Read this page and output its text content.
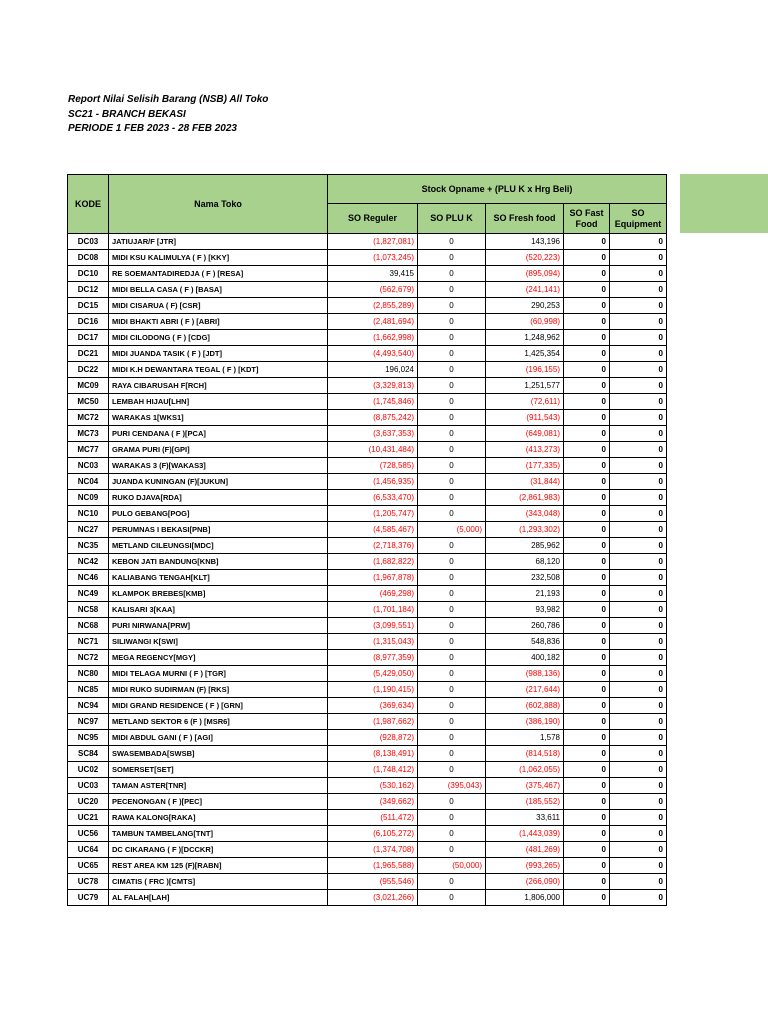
Report Nilai Selisih Barang (NSB) All Toko
SC21 - BRANCH BEKASI
PERIODE 1 FEB 2023 - 28 FEB 2023
KODE	Nama Toko	Stock Opname + (PLU K x Hrg Beli)				
		SO Reguler	SO PLU K	SO Fresh food	SO Fast Food	SO Equipment
DC03	JATIUJAR/F [JTR]	(1,827,081)	0	143,196	0	0
DC08	MIDI KSU KALIMULYA ( F ) [KKY]	(1,073,245)	0	(520,223)	0	0
DC10	RE SOEMANTADIREDJA ( F ) [RESA]	39,415	0	(895,094)	0	0
DC12	MIDI BELLA CASA ( F ) [BASA]	(562,679)	0	(241,141)	0	0
DC15	MIDI CISARUA ( F) [CSR]	(2,855,289)	0	290,253	0	0
DC16	MIDI BHAKTI ABRI ( F ) [ABRI]	(2,481,694)	0	(60,998)	0	0
DC17	MIDI CILODONG ( F ) [CDG]	(1,662,998)	0	1,248,962	0	0
DC21	MIDI JUANDA TASIK ( F ) [JDT]	(4,493,540)	0	1,425,354	0	0
DC22	MIDI K.H DEWANTARA TEGAL ( F ) [KDT]	196,024	0	(196,155)	0	0
MC09	RAYA CIBARUSAH F[RCH]	(3,329,813)	0	1,251,577	0	0
MC50	LEMBAH HIJAU[LHN]	(1,745,846)	0	(72,611)	0	0
MC72	WARAKAS 1[WKS1]	(8,875,242)	0	(911,543)	0	0
MC73	PURI CENDANA ( F )[PCA]	(3,637,353)	0	(649,081)	0	0
MC77	GRAMA PURI (F)[GPI]	(10,431,484)	0	(413,273)	0	0
NC03	WARAKAS 3 (F)[WAKAS3]	(728,585)	0	(177,335)	0	0
NC04	JUANDA KUNINGAN (F)[JUKUN]	(1,456,935)	0	(31,844)	0	0
NC09	RUKO DJAVA[RDA]	(6,533,470)	0	(2,861,983)	0	0
NC10	PULO GEBANG[POG]	(1,205,747)	0	(343,048)	0	0
NC27	PERUMNAS I BEKASI[PNB]	(4,585,467)	(5,000)	(1,293,302)	0	0
NC35	METLAND CILEUNGSI[MDC]	(2,718,376)	0	285,962	0	0
NC42	KEBON JATI BANDUNG[KNB]	(1,682,822)	0	68,120	0	0
NC46	KALIABANG TENGAH[KLT]	(1,967,878)	0	232,508	0	0
NC49	KLAMPOK BREBES[KMB]	(469,298)	0	21,193	0	0
NC58	KALISARI 3[KAA]	(1,701,184)	0	93,982	0	0
NC68	PURI NIRWANA[PRW]	(3,099,551)	0	260,786	0	0
NC71	SILIWANGI K[SWI]	(1,315,043)	0	548,836	0	0
NC72	MEGA REGENCY[MGY]	(8,977,359)	0	400,182	0	0
NC80	MIDI TELAGA MURNI ( F ) [TGR]	(5,429,050)	0	(988,136)	0	0
NC85	MIDI RUKO SUDIRMAN (F) [RKS]	(1,190,415)	0	(217,644)	0	0
NC94	MIDI GRAND RESIDENCE ( F ) [GRN]	(369,634)	0	(602,888)	0	0
NC97	METLAND SEKTOR 6 (F ) [MSR6]	(1,987,662)	0	(386,190)	0	0
NC95	MIDI ABDUL GANI ( F ) [AGI]	(928,872)	0	1,578	0	0
SC84	SWASEMBADA[SWSB]	(8,138,491)	0	(814,518)	0	0
UC02	SOMERSET[SET]	(1,748,412)	0	(1,062,055)	0	0
UC03	TAMAN ASTER[TNR]	(530,162)	(395,043)	(375,467)	0	0
UC20	PECENONGAN ( F )[PEC]	(349,662)	0	(185,552)	0	0
UC21	RAWA KALONG[RAKA]	(511,472)	0	33,611	0	0
UC56	TAMBUN TAMBELANG[TNT]	(6,105,272)	0	(1,443,039)	0	0
UC64	DC CIKARANG ( F )[DCCKR]	(1,374,708)	0	(481,269)	0	0
UC65	REST AREA KM 125 (F)[RABN]	(1,965,588)	(50,000)	(993,265)	0	0
UC78	CIMATIS ( FRC )[CMTS]	(955,546)	0	(266,090)	0	0
UC79	AL FALAH[LAH]	(3,021,266)	0	1,806,000	0	0
